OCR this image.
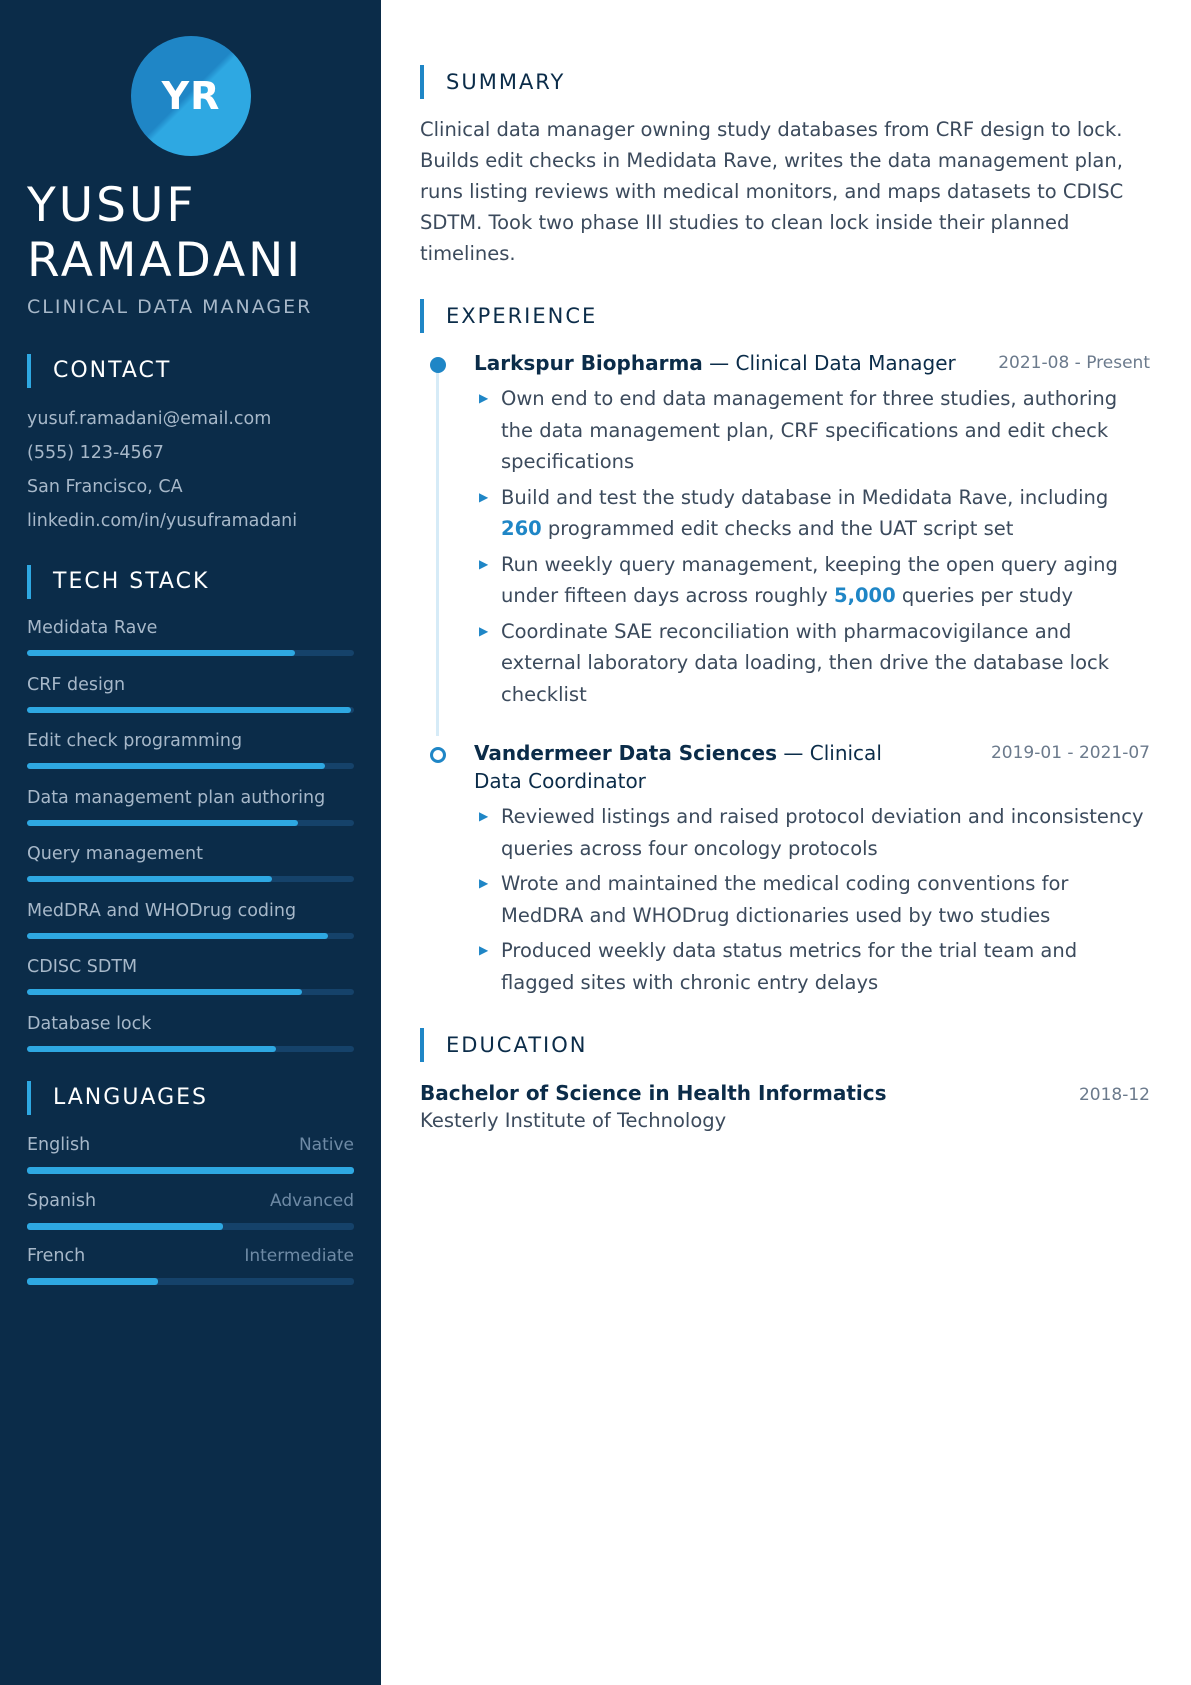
YR
YUSUF RAMADANI
CLINICAL DATA MANAGER
CONTACT
yusuf.ramadani@email.com
(555) 123-4567
San Francisco, CA
linkedin.com/in/yusuframadani
TECH STACK
Medidata Rave
CRF design
Edit check programming
Data management plan authoring
Query management
MedDRA and WHODrug coding
CDISC SDTM
Database lock
LANGUAGES
English	Native
Spanish	Advanced
French	Intermediate
SUMMARY

Clinical data manager owning study databases from CRF design to lock. Builds edit checks in Medidata Rave, writes the data management plan, runs listing reviews with medical monitors, and maps datasets to CDISC SDTM. Took two phase III studies to clean lock inside their planned timelines.

EXPERIENCE
Larkspur Biopharma — Clinical Data Manager 2021-08 - Present
▶ Own end to end data management for three studies, authoring the data management plan, CRF specifications and edit check specifications
▶ Build and test the study database in Medidata Rave, including 260 programmed edit checks and the UAT script set
▶ Run weekly query management, keeping the open query aging under fifteen days across roughly 5,000 queries per study
▶ Coordinate SAE reconciliation with pharmacovigilance and external laboratory data loading, then drive the database lock checklist
Vandermeer Data Sciences — Clinical Data Coordinator
2019-01 - 2021-07
▶ Reviewed listings and raised protocol deviation and inconsistency queries across four oncology protocols
▶ Wrote and maintained the medical coding conventions for MedDRA and WHODrug dictionaries used by two studies
▶ Produced weekly data status metrics for the trial team and flagged sites with chronic entry delays
EDUCATION
Bachelor of Science in Health Informatics	2018-12
Kesterly Institute of Technology
